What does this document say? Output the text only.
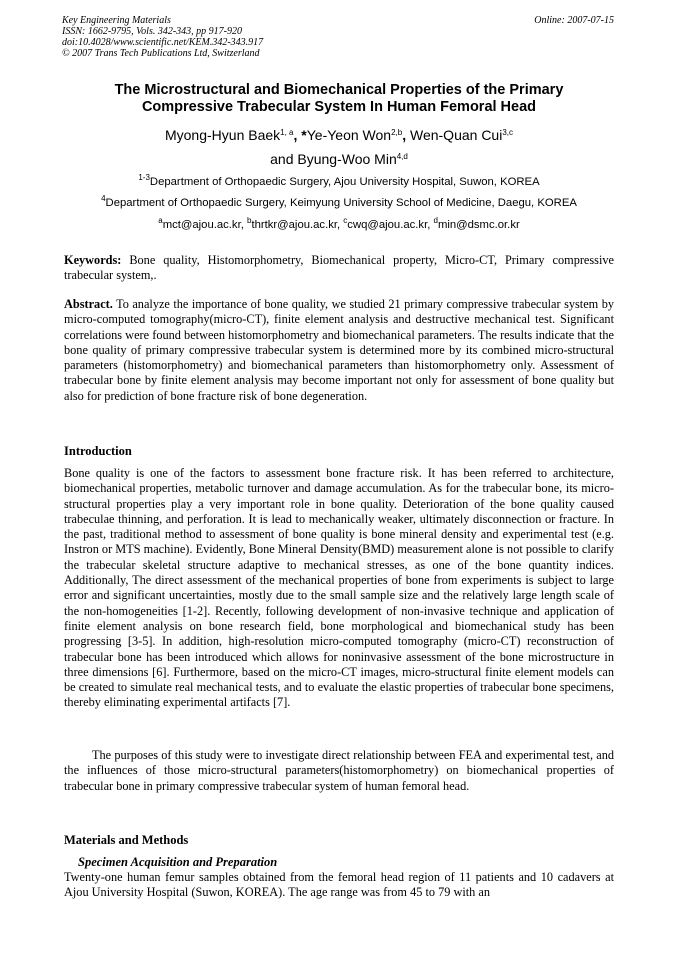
Key Engineering Materials
ISSN: 1662-9795, Vols. 342-343, pp 917-920
doi:10.4028/www.scientific.net/KEM.342-343.917
© 2007 Trans Tech Publications Ltd, Switzerland
Online: 2007-07-15
The Microstructural and Biomechanical Properties of the Primary
Compressive Trabecular System In Human Femoral Head
Myong-Hyun Baek$^{1, a}$, *Ye-Yeon Won$^{2,b}$, Wen-Quan Cui$^{3,c}$
and Byung-Woo Min$^{4,d}$
$^{1-3}$Department of Orthopaedic Surgery, Ajou University Hospital, Suwon, KOREA
$^4$Department of Orthopaedic Surgery, Keimyung University School of Medicine, Daegu, KOREA
$^a$mct@ajou.ac.kr, $^b$thrtkr@ajou.ac.kr, $^c$cwq@ajou.ac.kr, $^d$min@dsmc.or.kr
Keywords: Bone quality, Histomorphometry, Biomechanical property, Micro-CT, Primary compressive trabecular system,.
Abstract. To analyze the importance of bone quality, we studied 21 primary compressive trabecular system by micro-computed tomography(micro-CT), finite element analysis and destructive mechanical test. Significant correlations were found between histomorphometry and biomechanical parameters. The results indicate that the bone quality of primary compressive trabecular system is determined more by its combined micro-structural parameters (histomorphometry) and biomechanical parameters than histomorphometry only. Assessment of trabecular bone by finite element analysis may become important not only for assessment of bone quality but also for prediction of bone fracture risk of bone degeneration.
Introduction
Bone quality is one of the factors to assessment bone fracture risk. It has been referred to architecture, biomechanical properties, metabolic turnover and damage accumulation. As for the trabecular bone, its micro-structural properties play a very important role in bone quality. Deterioration of the bone quality caused trabeculae thinning, and perforation. It is lead to mechanically weaker, ultimately disconnection or fracture. In the past, traditional method to assessment of bone quality is bone mineral density and experimental test (e.g. Instron or MTS machine). Evidently, Bone Mineral Density(BMD) measurement alone is not possible to clarify the trabecular skeletal structure adaptive to mechanical stresses, as one of the bone quantity indices. Additionally, The direct assessment of the mechanical properties of bone from experiments is subject to large error and significant uncertainties, mostly due to the small sample size and the relatively large length scale of the non-homogeneities [1-2]. Recently, following development of non-invasive technique and application of finite element analysis on bone research field, bone morphological and biomechanical study has been progressing [3-5]. In addition, high-resolution micro-computed tomography (micro-CT) reconstruction of trabecular bone has been introduced which allows for noninvasive assessment of the bone microstructure in three dimensions [6]. Furthermore, based on the micro-CT images, micro-structural finite element models can be created to simulate real mechanical tests, and to evaluate the elastic properties of trabecular bone specimens, thereby eliminating experimental artifacts [7].
The purposes of this study were to investigate direct relationship between FEA and experimental test, and the influences of those micro-structural parameters(histomorphometry) on biomechanical properties of trabecular bone in primary compressive trabecular system of human femoral head.
Materials and Methods
Specimen Acquisition and Preparation
Twenty-one human femur samples obtained from the femoral head region of 11 patients and 10 cadavers at Ajou University Hospital (Suwon, KOREA). The age range was from 45 to 79 with an
